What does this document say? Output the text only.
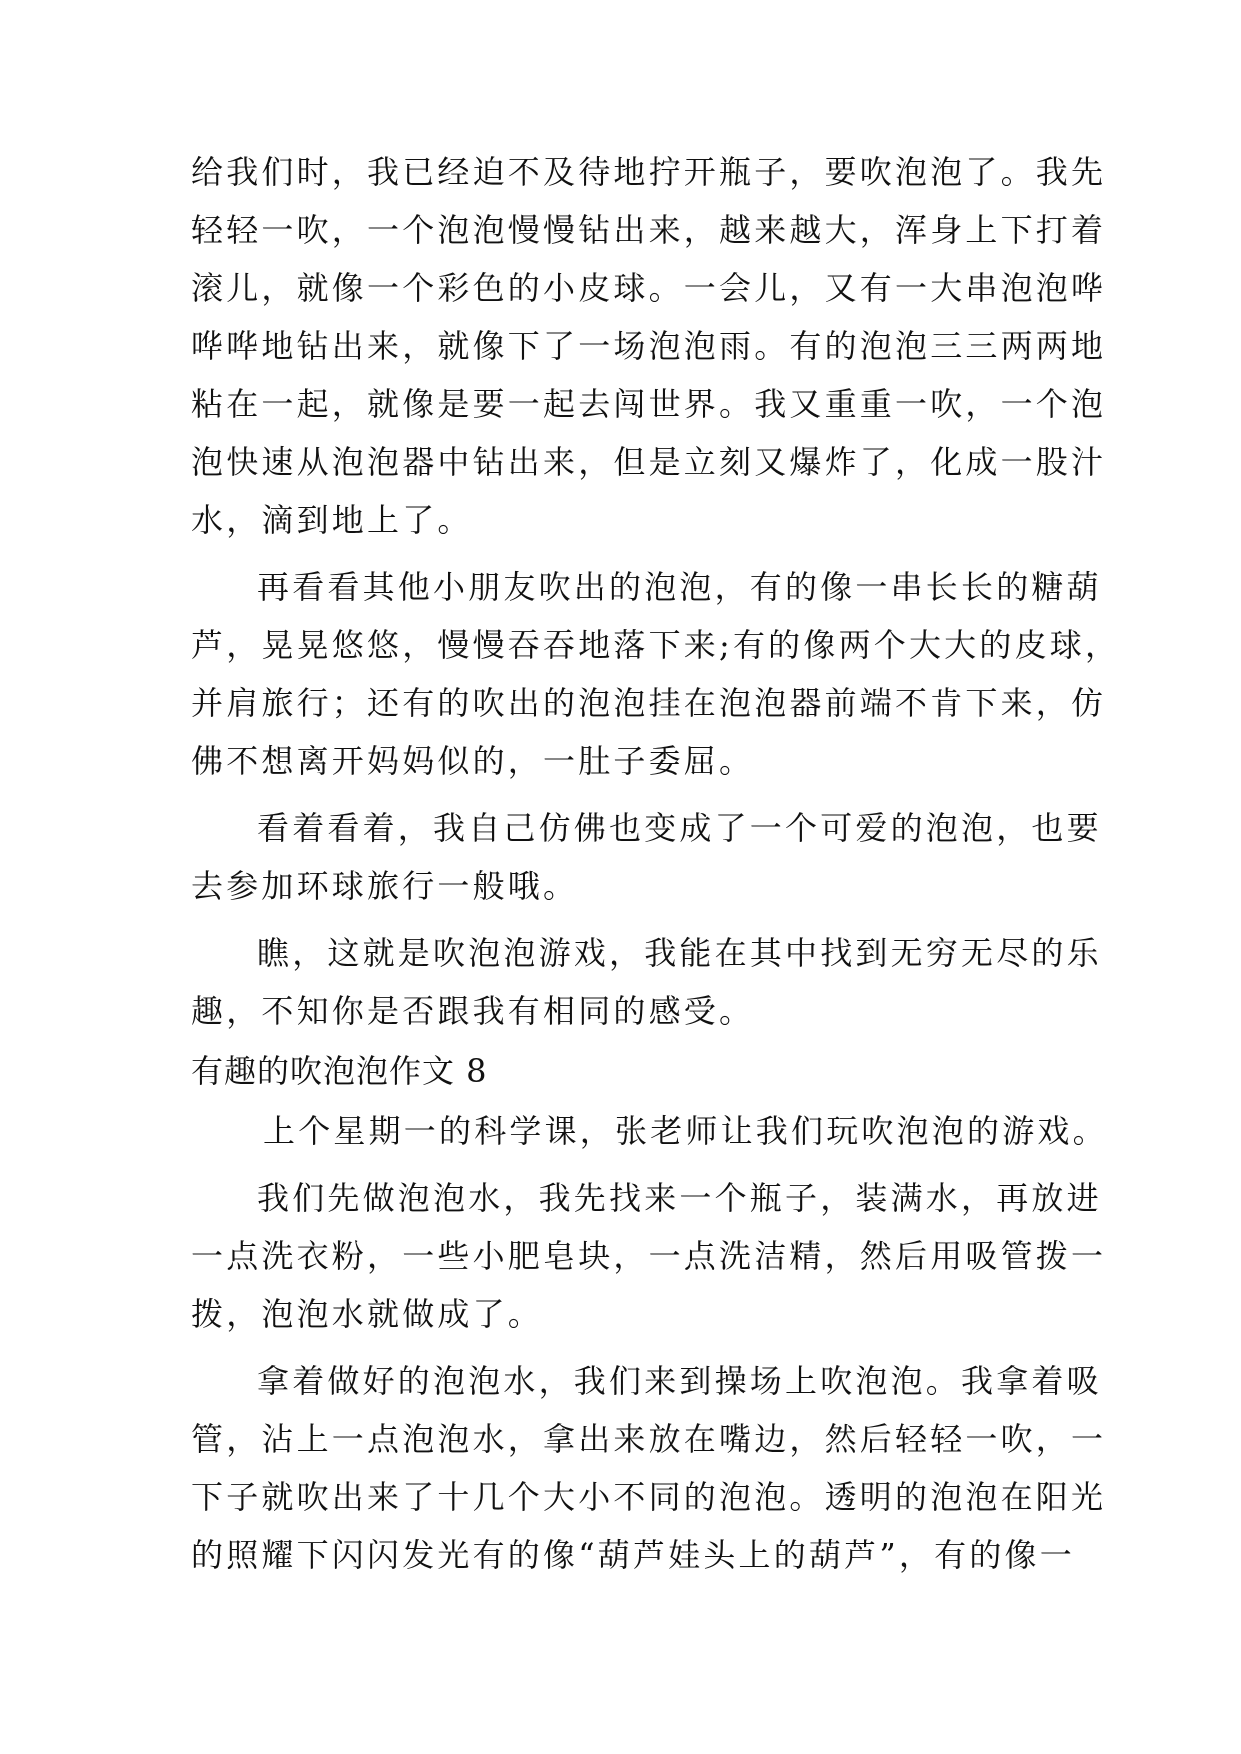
给我们时，我已经迫不及待地拧开瓶子，要吹泡泡了。我先
轻轻一吹，一个泡泡慢慢钻出来，越来越大，浑身上下打着
滚儿，就像一个彩色的小皮球。一会儿，又有一大串泡泡哗
哗哗地钻出来，就像下了一场泡泡雨。有的泡泡三三两两地
粘在一起，就像是要一起去闯世界。我又重重一吹，一个泡
泡快速从泡泡器中钻出来，但是立刻又爆炸了，化成一股汁
水，滴到地上了。
再看看其他小朋友吹出的泡泡，有的像一串长长的糖葫
芦，晃晃悠悠，慢慢吞吞地落下来;有的像两个大大的皮球，
并肩旅行；还有的吹出的泡泡挂在泡泡器前端不肯下来，仿
佛不想离开妈妈似的，一肚子委屈。
看着看着，我自己仿佛也变成了一个可爱的泡泡，也要
去参加环球旅行一般哦。
瞧，这就是吹泡泡游戏，我能在其中找到无穷无尽的乐
趣，不知你是否跟我有相同的感受。
有趣的吹泡泡作文 8
上个星期一的科学课，张老师让我们玩吹泡泡的游戏。
我们先做泡泡水，我先找来一个瓶子，装满水，再放进
一点洗衣粉，一些小肥皂块，一点洗洁精，然后用吸管拨一
拨，泡泡水就做成了。
拿着做好的泡泡水，我们来到操场上吹泡泡。我拿着吸
管，沾上一点泡泡水，拿出来放在嘴边，然后轻轻一吹，一
下子就吹出来了十几个大小不同的泡泡。透明的泡泡在阳光
的照耀下闪闪发光有的像“葫芦娃头上的葫芦”，有的像一
